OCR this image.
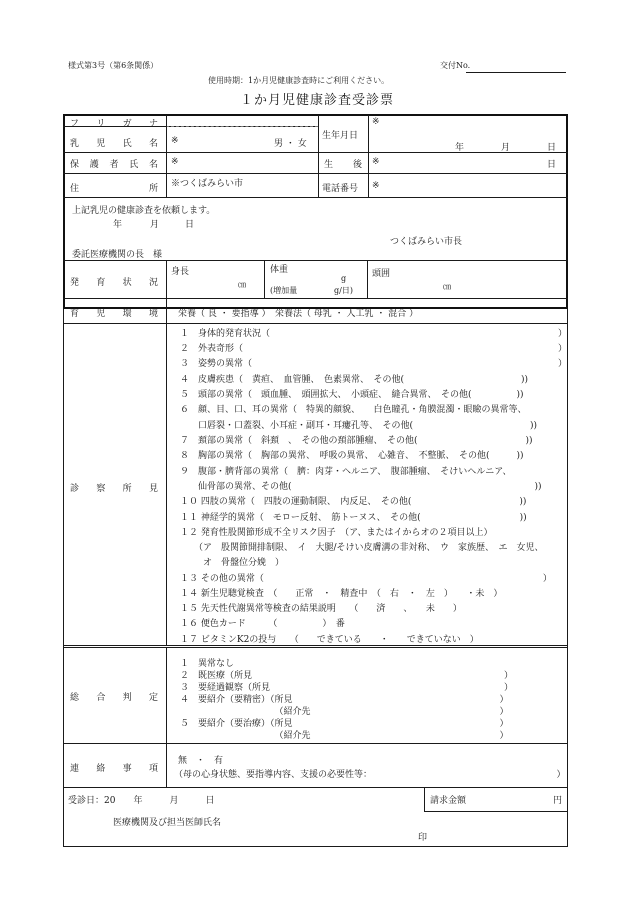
様式第3号（第6条関係）	交付No.
使用時期：1か月児健康診査時にご利用ください。
１か月児健康診査受診票
フ リ ガ ナ
乳 児 氏 名 ※	男 ・ 女
生年月日
※
年	月	日
保 護 者 氏 名 ※	生 後 ※	日
住	所 ※つくばみらい市	電話番号 ※
上記乳児の健康診査を依頼します。
年	月	日
つくばみらい市長
委託医療機関の長　様
発 育 状 況
身長
㎝
体重
g
(増加量	g/日)
頭囲
㎝
育 児 環 境 栄養（ 良 ・ 要指導 ）　栄養法（ 母乳 ・ 人工乳 ・ 混合 ）
診 察 所 見
１　身体的発育状況（　　　　　　　　　　　　　　　　　　　　　　　　　　　　　　　　）
２　外表奇形（　　　　　　　　　　　　　　　　　　　　　　　　　　　　　　　　　　　）
３　姿勢の異常（　　　　　　　　　　　　　　　　　　　　　　　　　　　　　　　　　　）
４　皮膚疾患（　黄疸、　血管腫、　色素異常、　その他(　　　　　　　　　　　　　))
５　頭部の異常（　頭血腫、　頭囲拡大、　小頭症、　縫合異常、　その他(　　　　　))
６　顔、目、口、耳の異常（　特異的顔貌、　　白色瞳孔・角膜混濁・眼瞼の異常等、
　　口唇裂・口蓋裂、小耳症・副耳・耳瘻孔等、　その他(　　　　　　　　　　　　　))
７　頚部の異常（　斜頚　、　その他の頚部腫瘤、　その他(　　　　　　　　　　　　))
８　胸部の異常（　胸部の異常、　呼吸の異常、　心雑音、　不整脈、　その他(　　　))
９　腹部・臍背部の異常（　臍：肉芽・ヘルニア、　腹部腫瘤、　そけいヘルニア、
　　仙骨部の異常、その他(　　　　　　　　　　　　　　　　　　　　　　　　　　　))
１０ 四肢の異常（　四肢の運動制限、　内反足、　その他(　　　　　　　　　　　　))
１１ 神経学的異常（　モロー反射、　筋トーヌス、　その他(　　　　　　　　　　　))
１２ 発育性股関節形成不全リスク因子　（ア、またはイからオの２項目以上）
（ア　股関節開排制限、　イ　大腿/そけい皮膚溝の非対称、　ウ　家族歴、　エ　女児、
　オ　骨盤位分娩　）
１３ その他の異常（　　　　　　　　　　　　　　　　　　　　　　　　　　　　　　　）
１４ 新生児聴覚検査　（　　正常　・　精査中　（　右　・　左　）　　・未　）
１５ 先天性代謝異常等検査の結果説明　　（　　済　　、　　未　　）
１６ 便色カード　　　（　　　　　）　番
１７ ビタミンK2の投与　　（　　できている　　・　　できていない　）
総 合 判 定
１　異常なし
２　既医療（所見　　　　　　　　　　　　　　　　　　　　　　　　　　　　）
３　要経過観察（所見　　　　　　　　　　　　　　　　　　　　　　　　　　）
４　要紹介（要精密）（所見　　　　　　　　　　　　　　　　　　　　　　　）
　　　　　　　　　　　（紹介先　　　　　　　　　　　　　　　　　　　　　）
５　要紹介（要治療）（所見　　　　　　　　　　　　　　　　　　　　　　　）
　　　　　　　　　　　（紹介先　　　　　　　　　　　　　　　　　　　　　）
連 絡 事 項
無　・　有
（母の心身状態、要指導内容、支援の必要性等：　　　　　　　　　　　　　　　　　　　　　）
受診日：20　　年　　　月　　　日	請求金額	円
医療機関及び担当医師氏名
印
